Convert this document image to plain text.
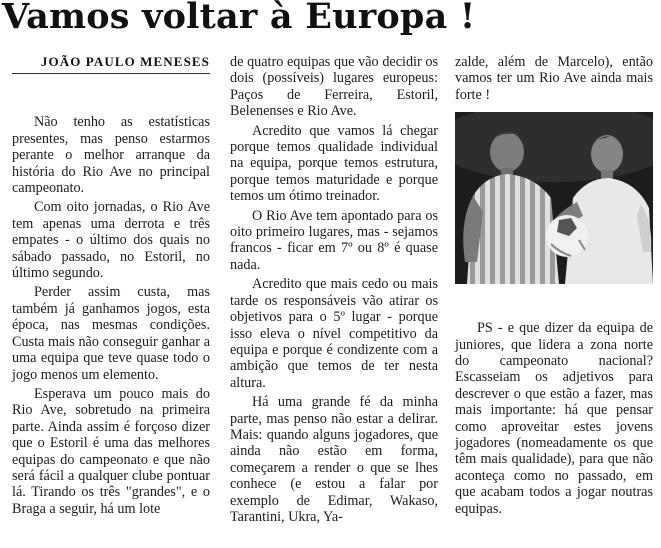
Vamos voltar à Europa !
JOÃO PAULO MENESES

Não tenho as estatísticas presentes, mas penso estarmos perante o melhor arranque da história do Rio Ave no principal campeonato.

Com oito jornadas, o Rio Ave tem apenas uma derrota e três empates - o último dos quais no sábado passado, no Estoril, no último segundo.

Perder assim custa, mas também já ganhamos jogos, esta época, nas mesmas condições. Custa mais não conseguir ganhar a uma equipa que teve quase todo o jogo menos um elemento.

Esperava um pouco mais do Rio Ave, sobretudo na primeira parte. Ainda assim é forçoso dizer que o Estoril é uma das melhores equipas do campeonato e que não será fácil a qualquer clube pontuar lá. Tirando os três "grandes", e o Braga a seguir, há um lote

de quatro equipas que vão decidir os dois (possíveis) lugares europeus: Paços de Ferreira, Estoril, Belenenses e Rio Ave.

Acredito que vamos lá chegar porque temos qualidade individual na equipa, porque temos estrutura, porque temos maturidade e porque temos um ótimo treinador.

O Rio Ave tem apontado para os oito primeiro lugares, mas - sejamos francos - ficar em 7º ou 8º é quase nada.

Acredito que mais cedo ou mais tarde os responsáveis vão atirar os objetivos para o 5º lugar - porque isso eleva o nível competitivo da equipa e porque é condizente com a ambição que temos de ter nesta altura.

Há uma grande fé da minha parte, mas penso não estar a delirar. Mais: quando alguns jogadores, que ainda não estão em forma, começarem a render o que se lhes conhece (e estou a falar por exemplo de Edimar, Wakaso, Tarantini, Ukra, Ya-

zalde, além de Marcelo), então vamos ter um Rio Ave ainda mais forte !

PS - e que dizer da equipa de juniores, que lidera a zona norte do campeonato nacional? Escasseiam os adjetivos para descrever o que estão a fazer, mas mais importante: há que pensar como aproveitar estes jovens jogadores (nomeadamente os que têm mais qualidade), para que não aconteça como no passado, em que acabam todos a jogar noutras equipas.
